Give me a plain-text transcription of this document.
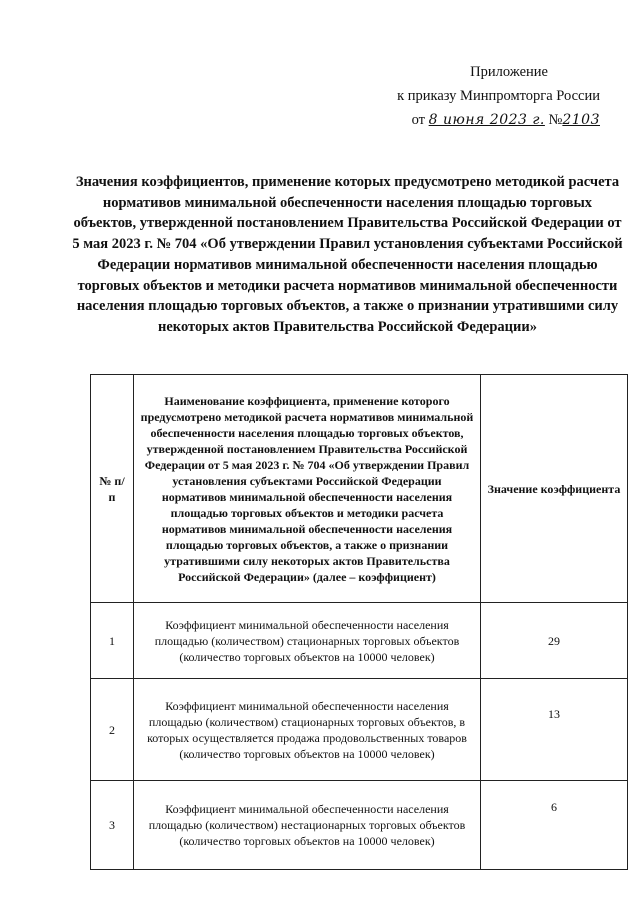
Приложение
к приказу Минпромторга России
от 8 июня 2023 г. №2103
Значения коэффициентов, применение которых предусмотрено методикой расчета нормативов минимальной обеспеченности населения площадью торговых объектов, утвержденной постановлением Правительства Российской Федерации от 5 мая 2023 г. № 704 «Об утверждении Правил установления субъектами Российской Федерации нормативов минимальной обеспеченности населения площадью торговых объектов и методики расчета нормативов минимальной обеспеченности населения площадью торговых объектов, а также о признании утратившими силу некоторых актов Правительства Российской Федерации»
№ п/п	Наименование коэффициента, применение которого предусмотрено методикой расчета нормативов минимальной обеспеченности населения площадью торговых объектов, утвержденной постановлением Правительства Российской Федерации от 5 мая 2023 г. № 704 «Об утверждении Правил установления субъектами Российской Федерации нормативов минимальной обеспеченности населения площадью торговых объектов и методики расчета нормативов минимальной обеспеченности населения площадью торговых объектов, а также о признании утратившими силу некоторых актов Правительства Российской Федерации» (далее – коэффициент)	Значение коэффициента
1	Коэффициент минимальной обеспеченности населения площадью (количеством) стационарных торговых объектов (количество торговых объектов на 10000 человек)	29
2	Коэффициент минимальной обеспеченности населения площадью (количеством) стационарных торговых объектов, в которых осуществляется продажа продовольственных товаров (количество торговых объектов на 10000 человек)	13
3	Коэффициент минимальной обеспеченности населения площадью (количеством) нестационарных торговых объектов (количество торговых объектов на 10000 человек)	6
